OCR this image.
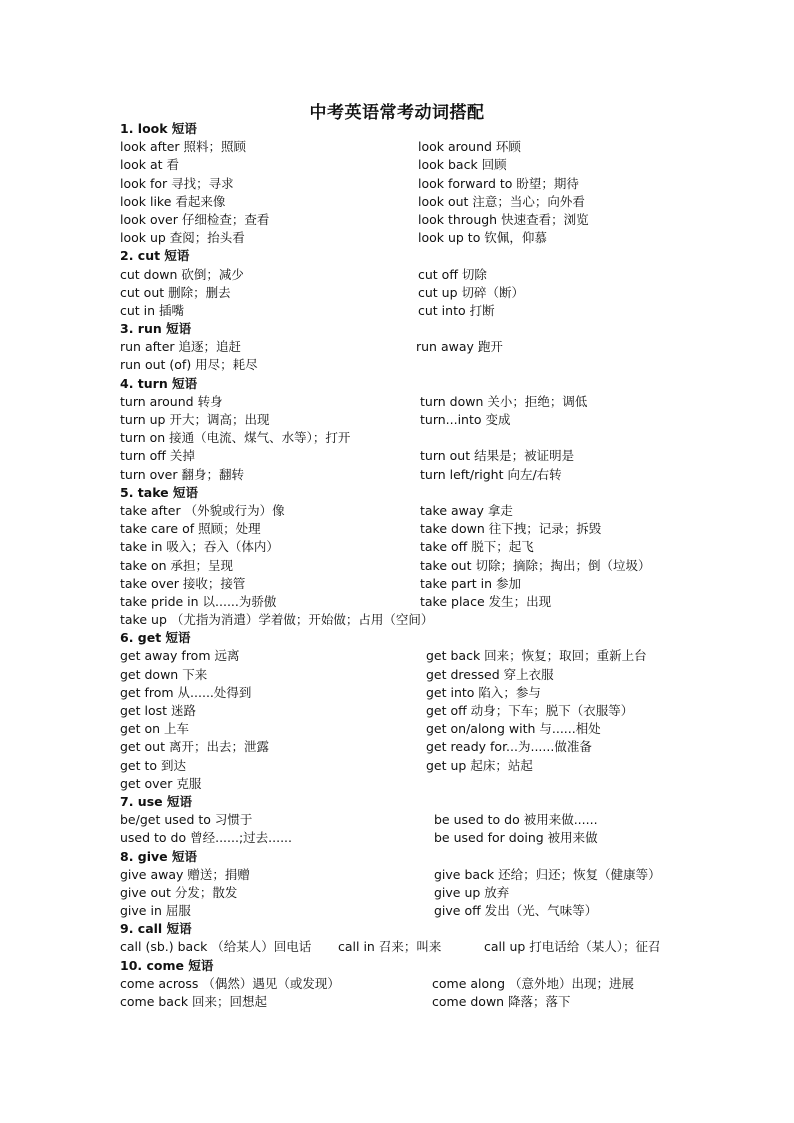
中考英语常考动词搭配
1. look 短语
look after 照料；照顾	look around 环顾
look at 看	look back 回顾
look for 寻找；寻求	look forward to 盼望；期待
look like 看起来像	look out 注意；当心；向外看
look over 仔细检查；查看	look through 快速查看；浏览
look up 查阅；抬头看	look up to 钦佩，仰慕
2. cut 短语
cut down 砍倒；减少	cut off 切除
cut out 删除；删去	cut up 切碎（断）
cut in 插嘴	cut into 打断
3. run 短语
run after 追逐；追赶	run away 跑开
run out (of) 用尽；耗尽
4. turn 短语
turn around 转身	turn down 关小；拒绝；调低
turn up 开大；调高；出现	turn...into 变成
turn on 接通（电流、煤气、水等）；打开
turn off 关掉	turn out 结果是；被证明是
turn over 翻身；翻转	turn left/right 向左/右转
5. take 短语
take after （外貌或行为）像	take away 拿走
take care of 照顾；处理	take down 往下拽；记录；拆毁
take in 吸入；吞入（体内）	take off 脱下；起飞
take on 承担；呈现	take out 切除；摘除；掏出；倒（垃圾）
take over 接收；接管	take part in 参加
take pride in 以......为骄傲	take place 发生；出现
take up （尤指为消遣）学着做；开始做；占用（空间）
6. get 短语
get away from 远离	get back 回来；恢复；取回；重新上台
get down 下来	get dressed 穿上衣服
get from 从......处得到	get into 陷入；参与
get lost 迷路	get off 动身；下车；脱下（衣服等）
get on 上车	get on/along with 与......相处
get out 离开；出去；泄露	get ready for...为......做准备
get to 到达	get up 起床；站起
get over 克服
7. use 短语
be/get used to 习惯于	be used to do 被用来做......
used to do 曾经......;过去......	be used for doing 被用来做
8. give 短语
give away 赠送；捐赠	give back 还给；归还；恢复（健康等）
give out 分发；散发	give up 放弃
give in 屈服	give off 发出（光、气味等）
9. call 短语
call (sb.) back （给某人）回电话 call in 召来；叫来	call up 打电话给（某人）；征召
10. come 短语
come across （偶然）遇见（或发现）	come along （意外地）出现；进展
come back 回来；回想起	come down 降落；落下
